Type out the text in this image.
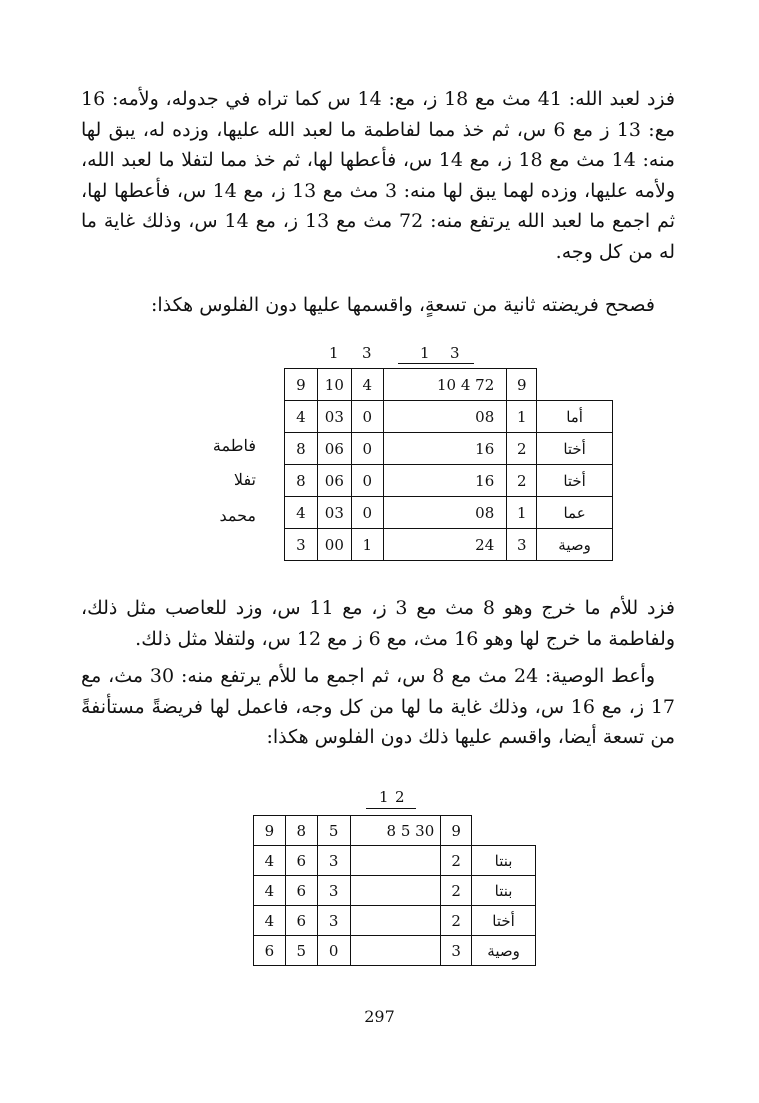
فزد لعبد الله: 41 مث مع 18 ز، مع: 14 س كما تراه في جدوله، ولأمه: 16 مع: 13 ز مع 6 س، ثم خذ مما لفاطمة ما لعبد الله عليها، وزده له، يبق لها منه: 14 مث مع 18 ز، مع 14 س، فأعطها لها، ثم خذ مما لتفلا ما لعبد الله، ولأمه عليها، وزده لهما يبق لها منه: 3 مث مع 13 ز، مع 14 س، فأعطها لها، ثم اجمع ما لعبد الله يرتفع منه: 72 مث مع 13 ز، مع 14 س، وذلك غاية ما له من كل وجه.

فصحح فريضته ثانية من تسعةٍ، واقسمها عليها دون الفلوس هكذا:

1 3	1 3
9	10	4	10 4 72	9	
4	03	0	08	1	أما
8	06	0	16	2	أختا
8	06	0	16	2	أختا
4	03	0	08	1	عما
3	00	1	24	3	وصية
فاطمة
تفلا
محمد

فزد للأم ما خرج وهو 8 مث مع 3 ز، مع 11 س، وزد للعاصب مثل ذلك، ولفاطمة ما خرج لها وهو 16 مث، مع 6 ز مع 12 س، ولتفلا مثل ذلك.

وأعط الوصية: 24 مث مع 8 س، ثم اجمع ما للأم يرتفع منه: 30 مث، مع 17 ز، مع 16 س، وذلك غاية ما لها من كل وجه، فاعمل لها فريضةً مستأنفةً من تسعة أيضا، واقسم عليها ذلك دون الفلوس هكذا:

1 2
9	8	5	8 5 30	9	
4	6	3		2	بنتا
4	6	3		2	بنتا
4	6	3		2	أختا
6	5	0		3	وصية
297
